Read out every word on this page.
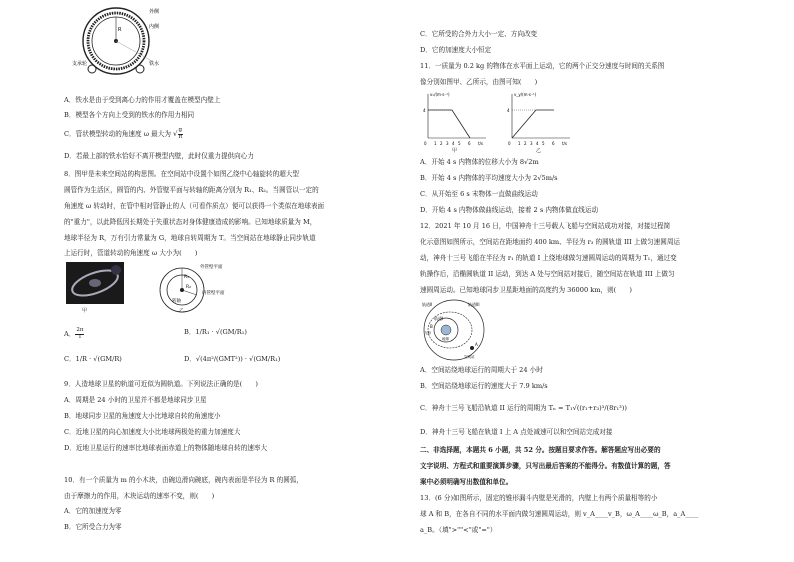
R
外侧
内侧
铁水
支承轮
A．铁水是由于受到离心力的作用才覆盖在模型内壁上
B．模型各个方向上受到的铁水的作用力相同
C．管状模型转动的角速度 ω 最大为 √ $\frac{g}{R}$
D．若最上部的铁水恰好不离开模型内壁，此时仅重力提供向心力
8．图甲是未来空间站的构思图。在空间站中设置个如图乙绕中心轴旋转的超大型
圆管作为生活区，圆管的内、外管壁平面与转轴的距离分别为 R₁、R₂。当圆管以一定的
角速度 ω 转动时，在管中相对管静止的人（可看作质点）便可以获得一个类似在地球表面
的"重力"，以此降低因长期处于失重状态对身体健康造成的影响。已知地球质量为 M，
地球半径为 R，万有引力常量为 G，地球自转周期为 T。当空间站在地球静止同步轨道
上运行时，管道转动的角速度 ω 大小为(　　)
外管壁平面
内管壁平面
转轴
R₁
R₂
甲	乙
A． $\frac{2\pi}{T}$	B．1/R₁ · √(GM/R₁)
C．1/R · √(GM/R)	D．√(4π²/(GMT²)) · √(GM/R₁)
9．人造地球卫星的轨道可近似为圆轨道。下列说法正确的是(　　)
A．周期是 24 小时的卫星并不都是地球同步卫星
B．地球同步卫星的角速度大小比地球自转的角速度小
C．近地卫星的向心加速度大小比地球两极处的重力加速度大
D．近地卫星运行的速率比地球表面赤道上的物体随地球自转的速率大
10．有一个质量为 m 的小木块，由碗边滑向碗底，碗内表面是半径为 R 的圆弧，
由于摩擦力的作用，木块运动的速率不变，则(　　)
A．它的加速度为零
B．它所受合力为零
C．它所受的合外力大小一定、方向改变
D．它的加速度大小恒定
11．一质量为 0.2 kg 的物体在水平面上运动，它的两个正交分速度与时间的关系图
像分别如图甲、乙所示，由图可知(　　)
vₓ/(m·s⁻¹)
t/s
4
0 1 2 3 4 5 6
甲
v_y/(m·s⁻¹)
t/s
4
0 1 2 3 4 5 6
乙
A．开始 4 s 内物体的位移大小为 8√2m
B．开始 4 s 内物体的平均速度大小为 2√5m/s
C．从开始至 6 s 末物体一直做曲线运动
D．开始 4 s 内物体做曲线运动，接着 2 s 内物体做直线运动
12．2021 年 10 月 16 日，中国神舟十三号载人飞船与空间站成功对接，对接过程简
化示意图如图所示，空间站在距地面约 400 km、半径为 r₃ 的圆轨道 III 上做匀速圆周运
动，神舟十三号飞船在半径为 r₁ 的轨道 I 上绕地球做匀速圆周运动的周期为 T₁，通过变
轨操作后，沿椭圆轨道 II 运动，到达 A 处与空间站对接后，随空间站在轨道 III 上做匀
速圆周运动。已知地球同步卫星距地面的高度约为 36000 km，则(　　)
轨道III
轨道II
轨道I
地球
飞船
空间站
A
B
A．空间站绕地球运行的周期大于 24 小时
B．空间站绕地球运行的速度大于 7.9 km/s
C．神舟十三号飞船沿轨道 II 运行的周期为 Tₙ = T₁√((r₁+r₃)³/(8r₁³))
D．神舟十三号飞船在轨道 I 上 A 点处减速可以和空间站完成对接
二、非选择题，本题共 6 小题，共 52 分。按题目要求作答。解答题应写出必要的
文字说明、方程式和重要演算步骤，只写出最后答案的不能得分。有数值计算的题，答
案中必须明确写出数值和单位。
13．(6 分)如图所示，固定的锥形漏斗内壁是光滑的，内壁上有两个质量相等的小
球 A 和 B，在各自不同的水平面内做匀速圆周运动，则 v_A____v_B，ω_A____ω_B，a_A____
a_B。（填">""<"或"="）
